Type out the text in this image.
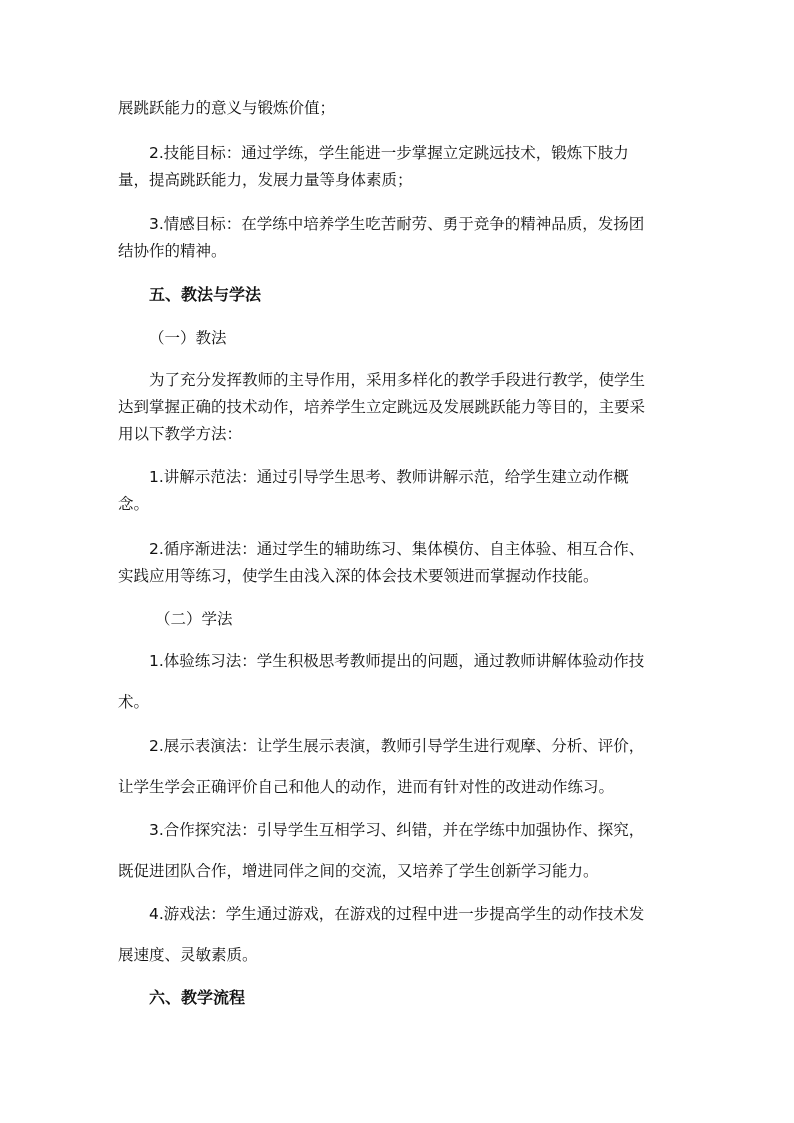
展跳跃能力的意义与锻炼价值；
2.技能目标：通过学练，学生能进一步掌握立定跳远技术，锻炼下肢力
量，提高跳跃能力，发展力量等身体素质；
3.情感目标：在学练中培养学生吃苦耐劳、勇于竞争的精神品质，发扬团
结协作的精神。
五、教法与学法
（一）教法
为了充分发挥教师的主导作用，采用多样化的教学手段进行教学，使学生
达到掌握正确的技术动作，培养学生立定跳远及发展跳跃能力等目的，主要采
用以下教学方法：
1.讲解示范法：通过引导学生思考、教师讲解示范，给学生建立动作概
念。
2.循序渐进法：通过学生的辅助练习、集体模仿、自主体验、相互合作、
实践应用等练习，使学生由浅入深的体会技术要领进而掌握动作技能。
（二）学法
1.体验练习法：学生积极思考教师提出的问题，通过教师讲解体验动作技
术。
2.展示表演法：让学生展示表演，教师引导学生进行观摩、分析、评价，
让学生学会正确评价自己和他人的动作，进而有针对性的改进动作练习。
3.合作探究法：引导学生互相学习、纠错，并在学练中加强协作、探究，
既促进团队合作，增进同伴之间的交流，又培养了学生创新学习能力。
4.游戏法：学生通过游戏，在游戏的过程中进一步提高学生的动作技术发
展速度、灵敏素质。
六、教学流程
